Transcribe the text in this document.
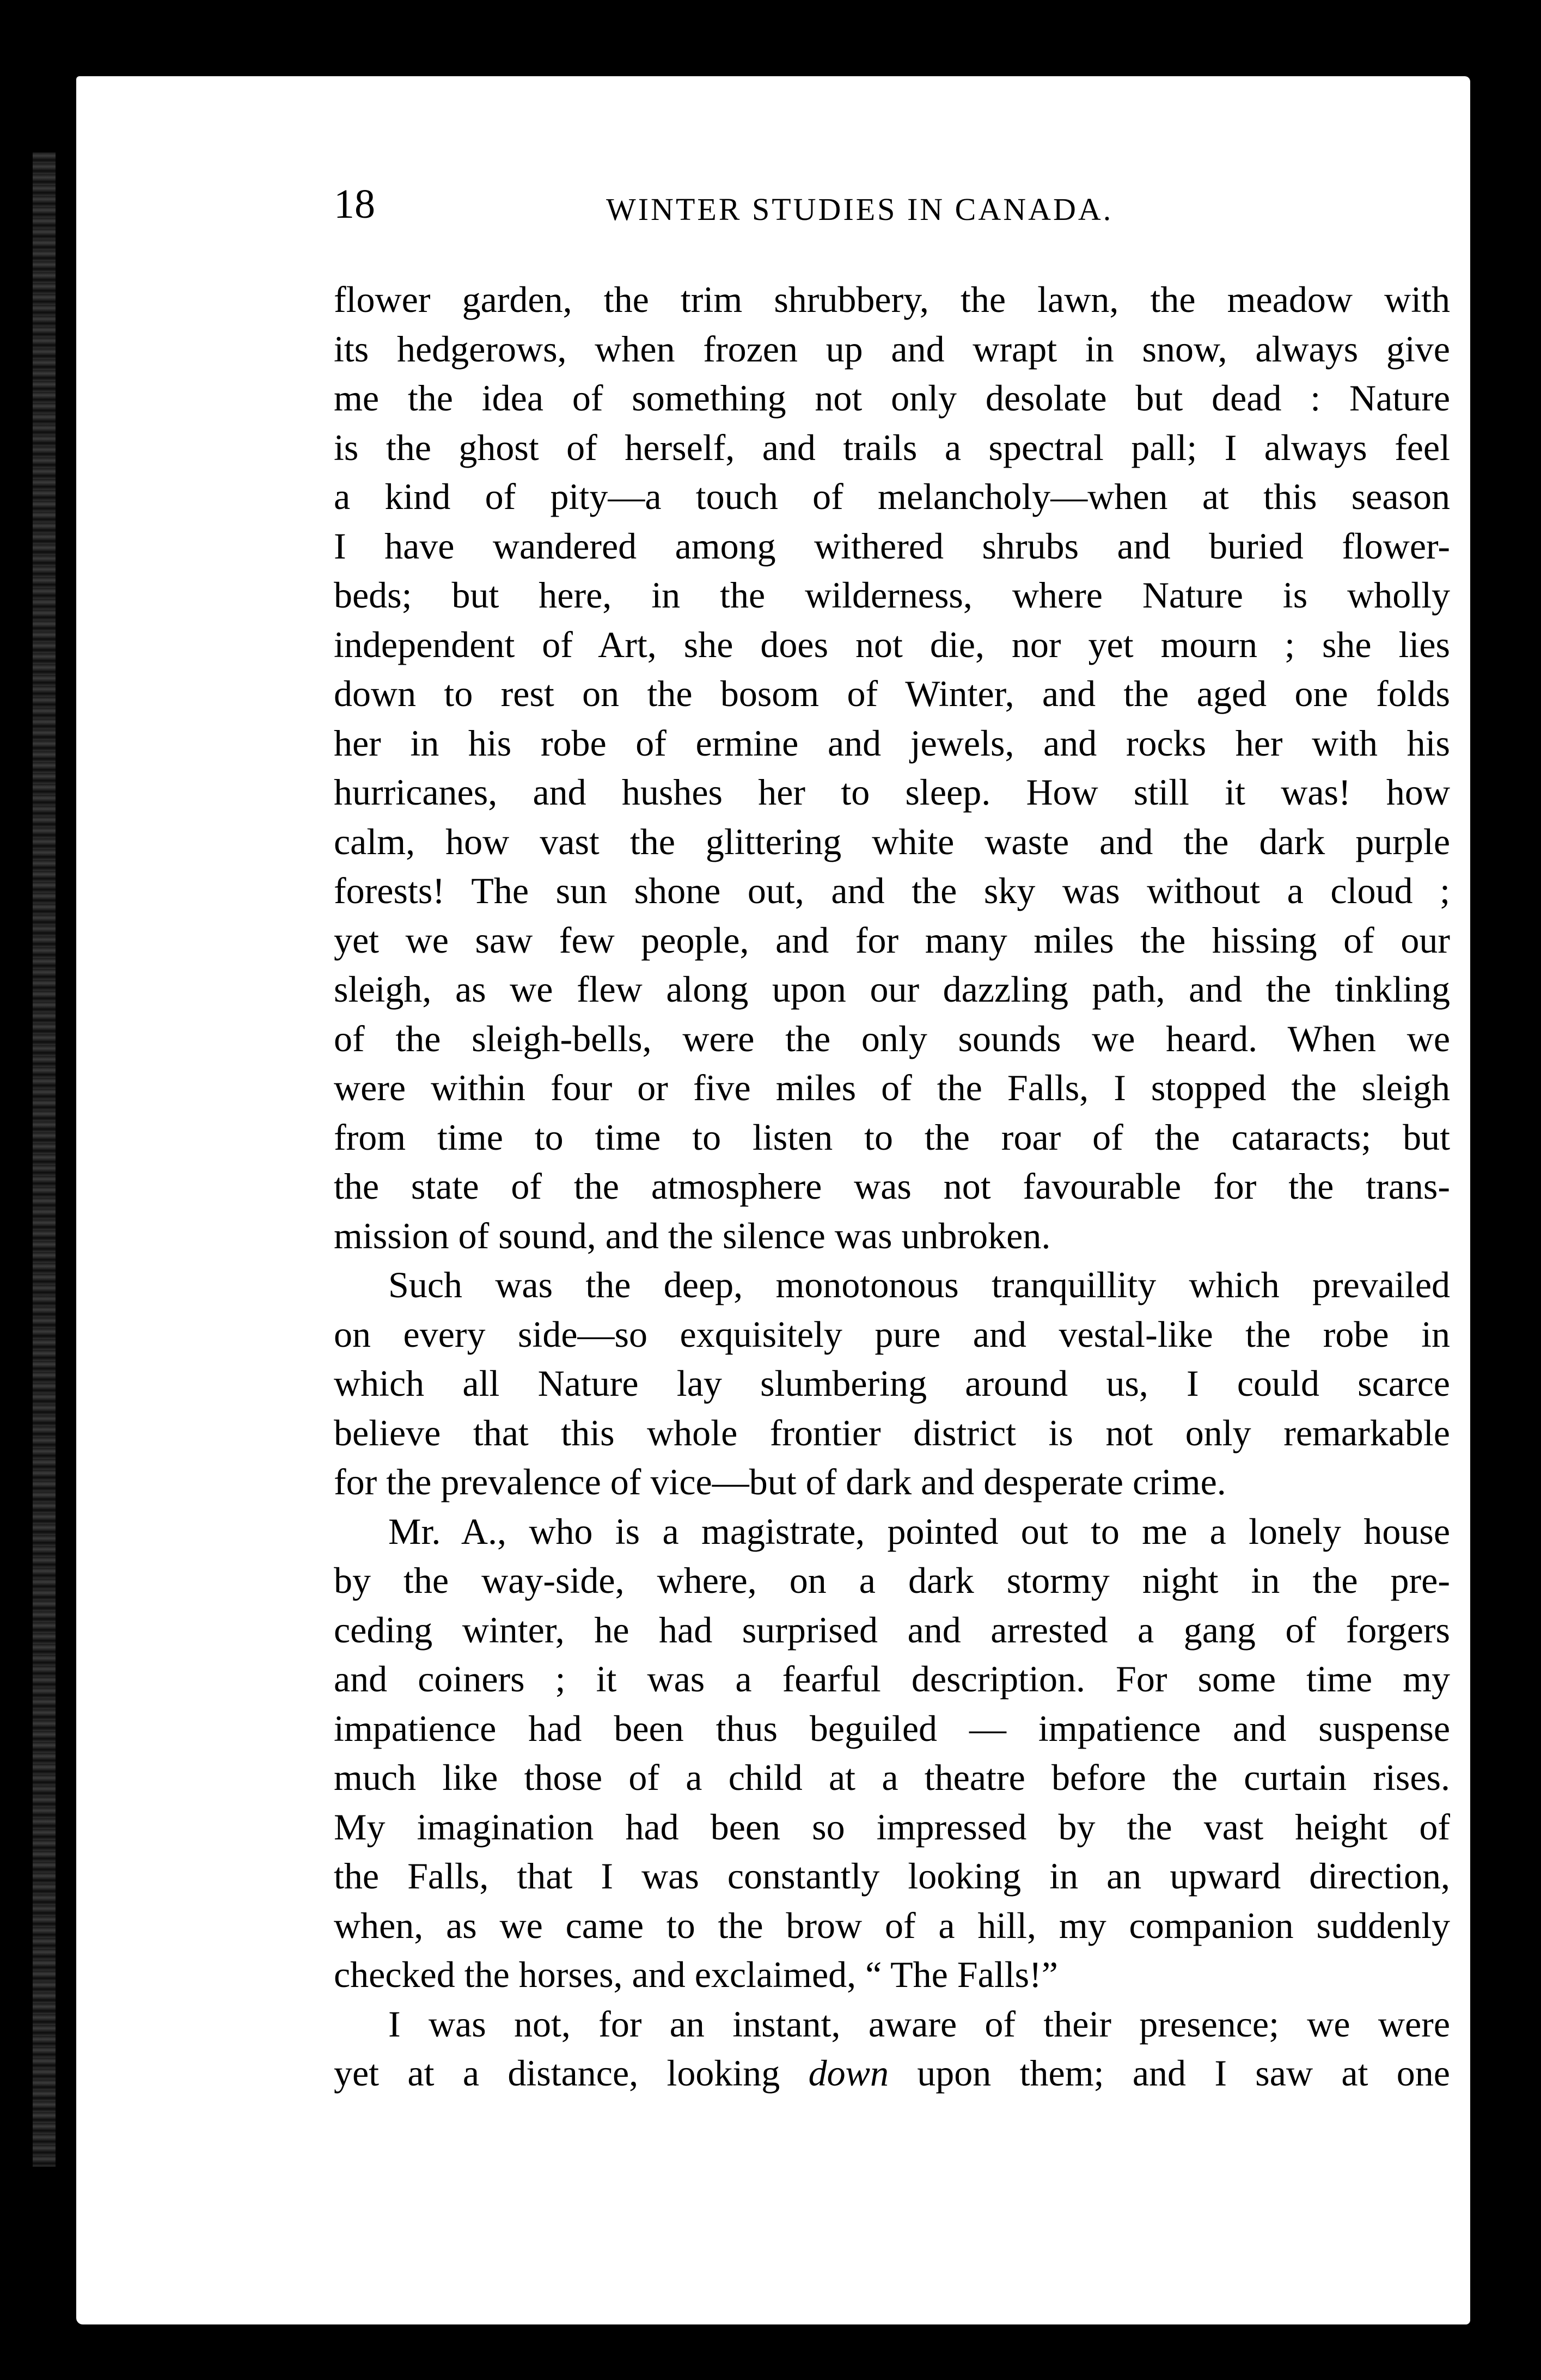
18	WINTER STUDIES IN CANADA.
flower garden, the trim shrubbery, the lawn, the meadow with
its hedgerows, when frozen up and wrapt in snow, always give
me the idea of something not only desolate but dead : Nature
is the ghost of herself, and trails a spectral pall; I always feel
a kind of pity—a touch of melancholy—when at this season
I have wandered among withered shrubs and buried flower-
beds; but here, in the wilderness, where Nature is wholly
independent of Art, she does not die, nor yet mourn ; she lies
down to rest on the bosom of Winter, and the aged one folds
her in his robe of ermine and jewels, and rocks her with his
hurricanes, and hushes her to sleep. How still it was! how
calm, how vast the glittering white waste and the dark purple
forests! The sun shone out, and the sky was without a cloud ;
yet we saw few people, and for many miles the hissing of our
sleigh, as we flew along upon our dazzling path, and the tinkling
of the sleigh-bells, were the only sounds we heard. When we
were within four or five miles of the Falls, I stopped the sleigh
from time to time to listen to the roar of the cataracts; but
the state of the atmosphere was not favourable for the trans-
mission of sound, and the silence was unbroken.
Such was the deep, monotonous tranquillity which prevailed
on every side—so exquisitely pure and vestal-like the robe in
which all Nature lay slumbering around us, I could scarce
believe that this whole frontier district is not only remarkable
for the prevalence of vice—but of dark and desperate crime.
Mr. A., who is a magistrate, pointed out to me a lonely house
by the way-side, where, on a dark stormy night in the pre-
ceding winter, he had surprised and arrested a gang of forgers
and coiners ; it was a fearful description. For some time my
impatience had been thus beguiled — impatience and suspense
much like those of a child at a theatre before the curtain rises.
My imagination had been so impressed by the vast height of
the Falls, that I was constantly looking in an upward direction,
when, as we came to the brow of a hill, my companion suddenly
checked the horses, and exclaimed, “ The Falls!”
I was not, for an instant, aware of their presence; we were
yet at a distance, looking down upon them; and I saw at one
